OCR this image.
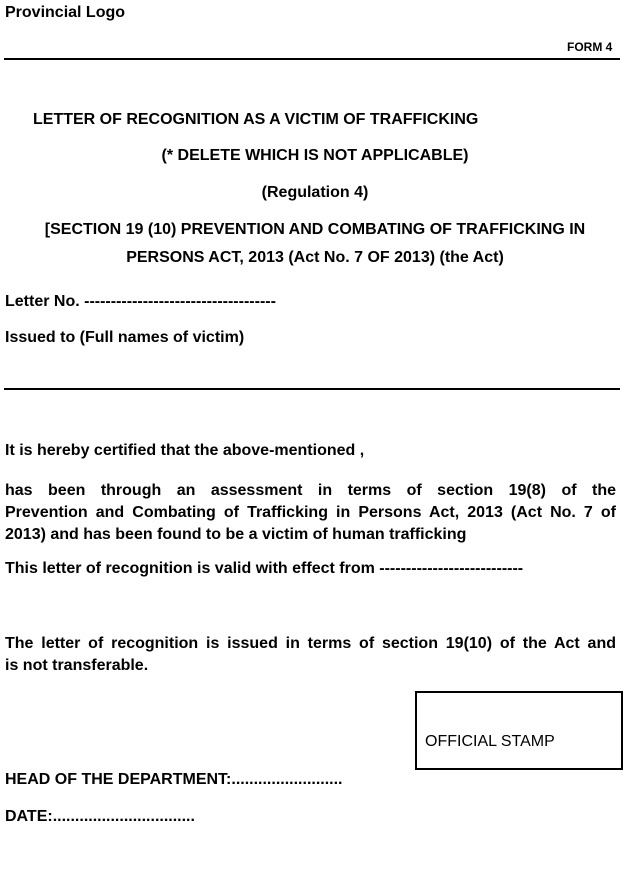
Provincial Logo
FORM 4
LETTER OF RECOGNITION AS A VICTIM OF TRAFFICKING
(* DELETE WHICH IS NOT APPLICABLE)
(Regulation 4)
[SECTION 19 (10) PREVENTION AND COMBATING OF TRAFFICKING IN
PERSONS ACT, 2013 (Act No. 7 OF 2013) (the Act)
Letter No. ------------------------------------
Issued to (Full names of victim)
It is hereby certified that the above-mentioned ,
has been through an assessment in terms of section 19(8) of the
Prevention and Combating of Trafficking in Persons Act, 2013 (Act No. 7 of
2013) and has been found to be a victim of human trafficking
This letter of recognition is valid with effect from ---------------------------
The letter of recognition is issued in terms of section 19(10) of the Act and
is not transferable.
OFFICIAL STAMP
HEAD OF THE DEPARTMENT:.........................
DATE:................................
